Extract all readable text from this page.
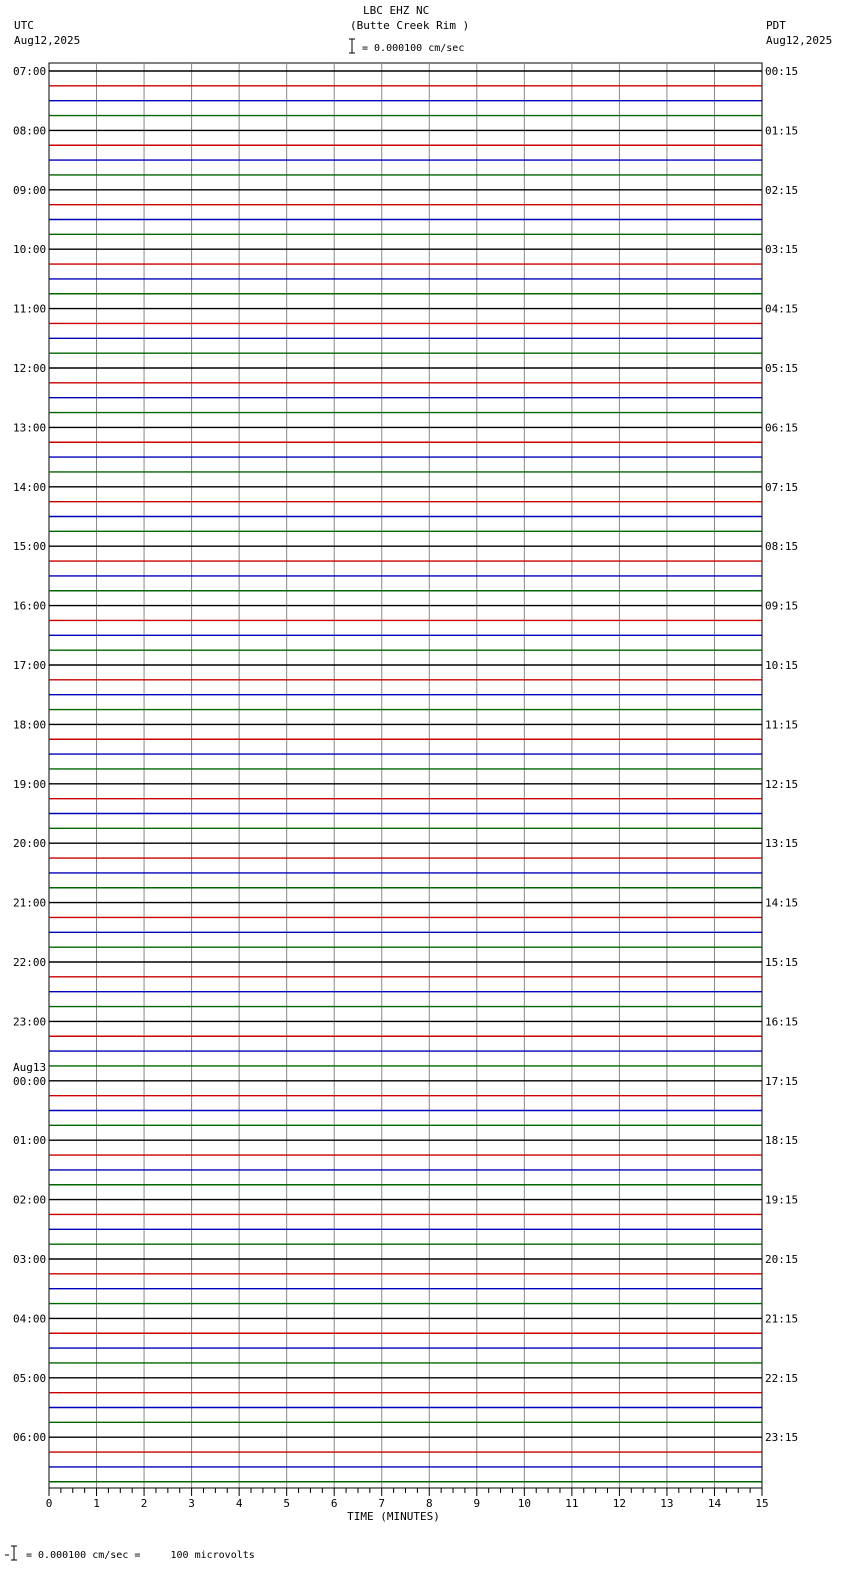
UTC
Aug12,2025
LBC EHZ NC
(Butte Creek Rim )	PDT
Aug12,2025
= 0.000100 cm/sec
0	1	2	3	4	5	6	7	8	9	10	11	12	13	14	15
TIME (MINUTES)
07:00
08:00
09:00
10:00
11:00
12:00
13:00
14:00
15:00
16:00
17:00
18:00
19:00
20:00
21:00
22:00
23:00
00:00
01:00
02:00
03:00
04:00
05:00
06:00
00:15
01:15
02:15
03:15
04:15
05:15
06:15
07:15
08:15
09:15
10:15
11:15
12:15
13:15
14:15
15:15
16:15
17:15
18:15
19:15
20:15
21:15
22:15
23:15
Aug13
= 0.000100 cm/sec =     100 microvolts
